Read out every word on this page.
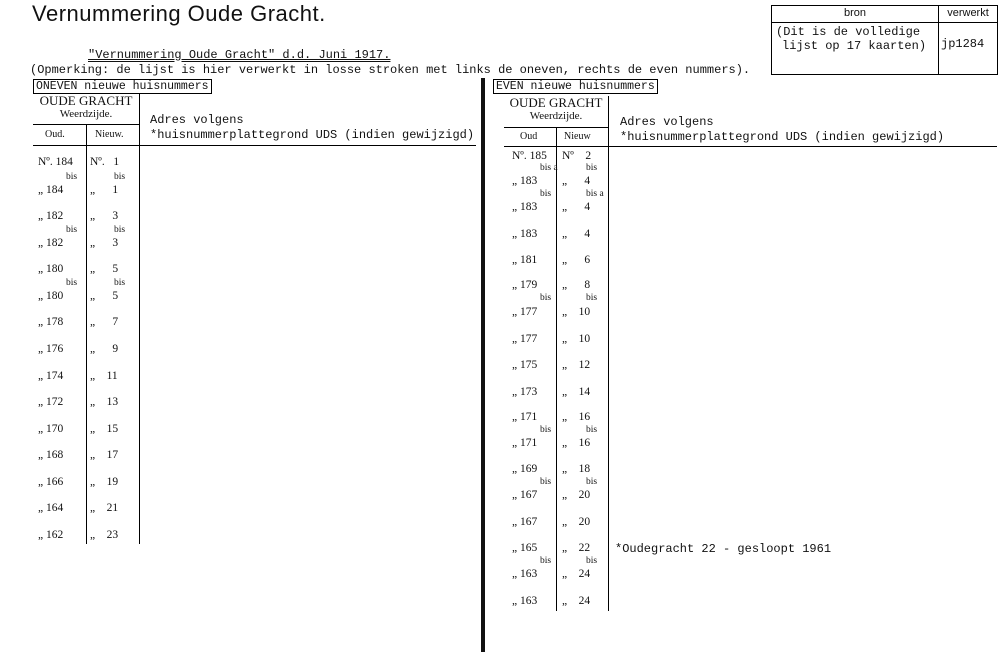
Vernummering Oude Gracht.	bron	verwerkt
(Dit is de volledige
lijst op 17 kaarten)	jp1284
"Vernummering Oude Gracht" d.d. Juni 1917.
(Opmerking: de lijst is hier verwerkt in losse stroken met links de oneven, rechts de even nummers).
ONEVEN nieuwe huisnummers
OUDE GRACHT
Weerdzijde.
Oud.	Nieuw.
Adres volgens
*huisnummerplattegrond UDS (indien gewijzigd)
Nº. 184 Nº.   1
bis	bis
„ 184 „      1
„ 182 „      3
bis	bis
„ 182 „      3
„ 180 „      5
bis	bis
„ 180 „      5
„ 178 „      7
„ 176 „      9
„ 174 „    11
„ 172 „    13
„ 170 „    15
„ 168 „    17
„ 166 „    19
„ 164 „    21
„ 162 „    23
EVEN nieuwe huisnummers
OUDE GRACHT
Weerdzijde.
Oud	Nieuw
Adres volgens
*huisnummerplattegrond UDS (indien gewijzigd)
Nº. 185 Nº    2
bis a	bis
„ 183 „      4
bis	bis a
„ 183 „      4
„ 183 „      4
„ 181 „      6
„ 179 „      8
bis	bis
„ 177 „    10
„ 177 „    10
„ 175 „    12
„ 173 „    14
„ 171 „    16
bis	bis
„ 171 „    16
„ 169 „    18
bis	bis
„ 167 „    20
„ 167 „    20
„ 165 „    22
bis	bis
„ 163 „    24
„ 163 „    24
*Oudegracht 22 - gesloopt 1961
